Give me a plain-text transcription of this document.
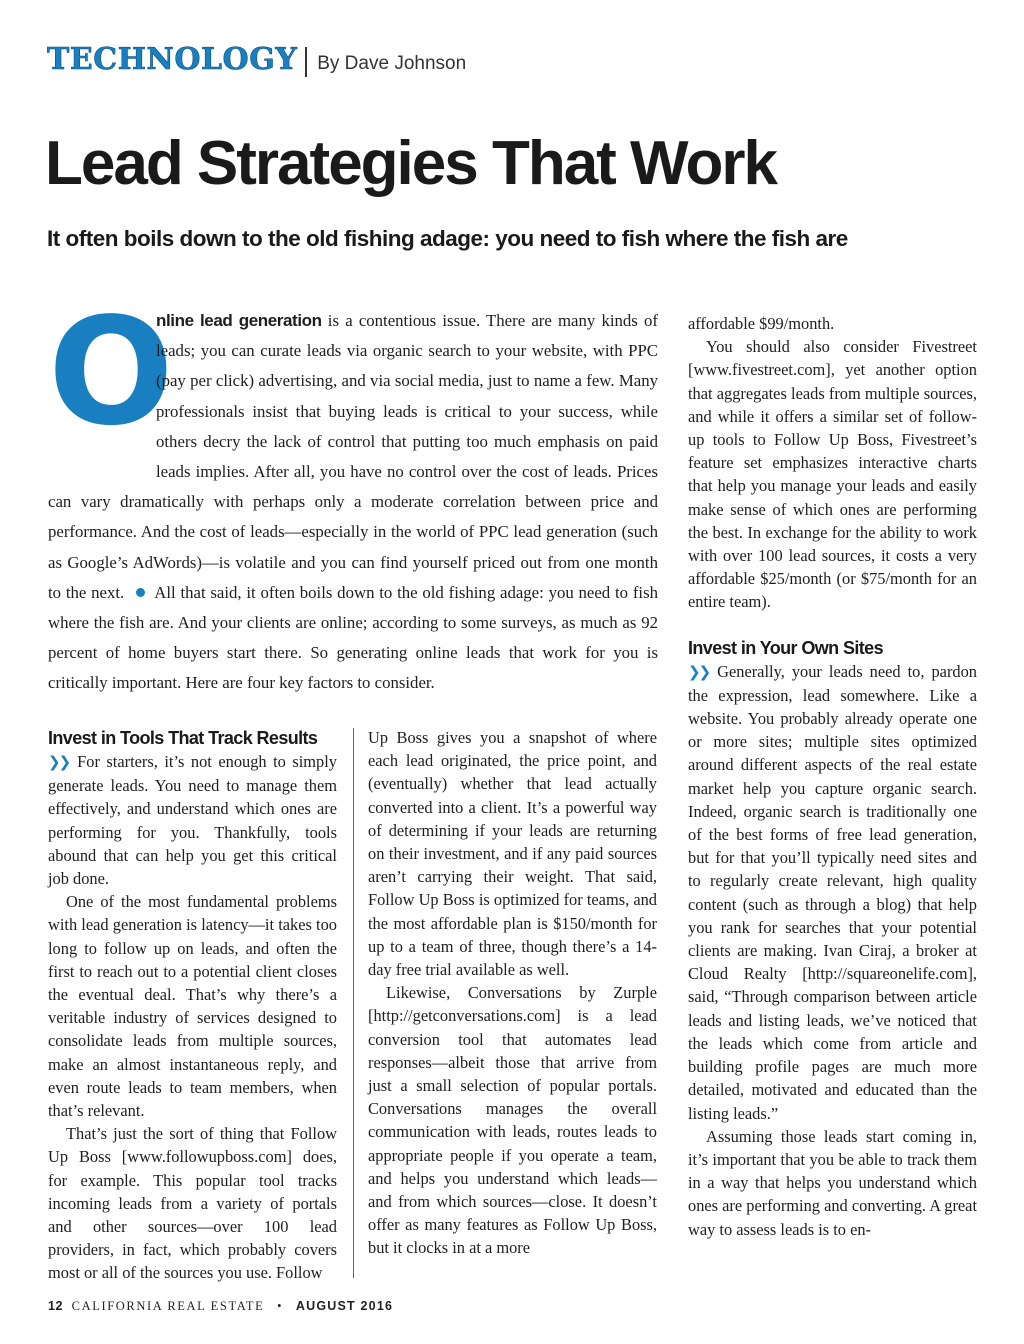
TECHNOLOGY By Dave Johnson
Lead Strategies That Work
It often boils down to the old fishing adage: you need to fish where the fish are
O
nline lead generation is a contentious issue. There are many kinds of leads; you can curate leads via organic search to your website, with PPC (pay per click) advertising, and via social media, just to name a few. Many professionals insist that buying leads is critical to your success, while others decry the lack of control that putting too much emphasis on paid leads implies. After all, you have no control over the cost of leads. Prices can vary dramatically with perhaps only a moderate correlation between price and performance. And the cost of leads—especially in the world of PPC lead generation (such as Google’s AdWords)—is volatile and you can find yourself priced out from one month to the next. All that said, it often boils down to the old fishing adage: you need to fish where the fish are. And your clients are online; according to some surveys, as much as 92 percent of home buyers start there. So generating online leads that work for you is critically important. Here are four key factors to consider.
Invest in Tools That Track Results

❯❯ For starters, it’s not enough to simply generate leads. You need to manage them effectively, and understand which ones are performing for you. Thankfully, tools abound that can help you get this critical job done.

One of the most fundamental problems with lead generation is latency—it takes too long to follow up on leads, and often the first to reach out to a potential client closes the eventual deal. That’s why there’s a veritable industry of services designed to consolidate leads from multiple sources, make an almost instantaneous reply, and even route leads to team members, when that’s relevant.

That’s just the sort of thing that Follow Up Boss [www.followupboss.com] does, for example. This popular tool tracks incoming leads from a variety of portals and other sources—over 100 lead providers, in fact, which probably covers most or all of the sources you use. Follow

Up Boss gives you a snapshot of where each lead originated, the price point, and (eventually) whether that lead actually converted into a client. It’s a powerful way of determining if your leads are returning on their investment, and if any paid sources aren’t carrying their weight. That said, Follow Up Boss is optimized for teams, and the most affordable plan is $150/month for up to a team of three, though there’s a 14-day free trial available as well.

Likewise, Conversations by Zurple [http://getconversations.com] is a lead conversion tool that automates lead responses—albeit those that arrive from just a small selection of popular portals. Conversations manages the overall communication with leads, routes leads to appropriate people if you operate a team, and helps you understand which leads—and from which sources—close. It doesn’t offer as many features as Follow Up Boss, but it clocks in at a more

affordable $99/month.

You should also consider Fivestreet [www.fivestreet.com], yet another option that aggregates leads from multiple sources, and while it offers a similar set of follow-up tools to Follow Up Boss, Fivestreet’s feature set emphasizes interactive charts that help you manage your leads and easily make sense of which ones are performing the best. In exchange for the ability to work with over 100 lead sources, it costs a very affordable $25/month (or $75/month for an entire team).

Invest in Your Own Sites

❯❯ Generally, your leads need to, pardon the expression, lead somewhere. Like a website. You probably already operate one or more sites; multiple sites optimized around different aspects of the real estate market help you capture organic search. Indeed, organic search is traditionally one of the best forms of free lead generation, but for that you’ll typically need sites and to regularly create relevant, high quality content (such as through a blog) that help you rank for searches that your potential clients are making. Ivan Ciraj, a broker at Cloud Realty [http://squareonelife.com], said, “Through comparison between article leads and listing leads, we’ve noticed that the leads which come from article and building profile pages are much more detailed, motivated and educated than the listing leads.”

Assuming those leads start coming in, it’s important that you be able to track them in a way that helps you understand which ones are performing and converting. A great way to assess leads is to en-

12 CALIFORNIA REAL ESTATE • AUGUST 2016
